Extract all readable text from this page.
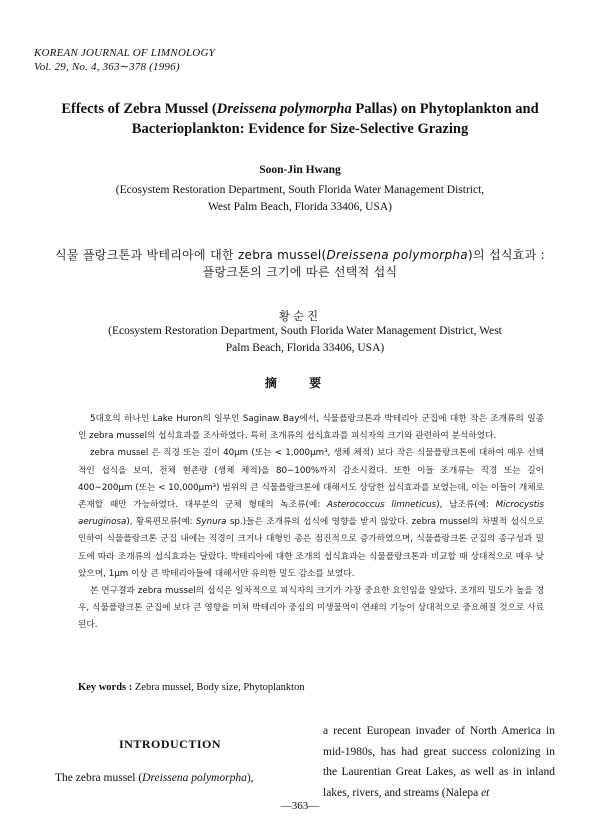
KOREAN JOURNAL OF LIMNOLOGY
Vol. 29, No. 4, 363∼378 (1996)
Effects of Zebra Mussel (Dreissena polymorpha Pallas) on Phytoplankton and Bacterioplankton: Evidence for Size-Selective Grazing
Soon-Jin Hwang
(Ecosystem Restoration Department, South Florida Water Management District,
West Palm Beach, Florida 33406, USA)
식물 플랑크톤과 박테리아에 대한 zebra mussel(Dreissena polymorpha)의 섭식효과 :
플랑크톤의 크기에 따른 선택적 섭식
황순진
(Ecosystem Restoration Department, South Florida Water Management District, West
Palm Beach, Florida 33406, USA)
摘 要

5대호의 하나인 Lake Huron의 일부인 Saginaw Bay에서, 식물플랑크톤과 박테리아 군집에 대한 작은 조개류의 일종인 zebra mussel의 섭식효과를 조사하였다. 특히 조개류의 섭식효과를 피식자의 크기와 관련하여 분석하였다.

zebra mussel 은 직경 또는 길이 40μm (또는 < 1,000μm³, 생체 체적) 보다 작은 식물플랑크톤에 대하여 매우 선택적인 섭식을 보여, 전체 현존량 (생체 체적)을 80∼100%까지 감소시켰다. 또한 이들 조개류는 직경 또는 길이 400∼200μm (또는 < 10,000μm³) 범위의 큰 식물플랑크톤에 대해서도 상당한 섭식효과를 보였는데, 이는 이들이 개체로 존재할 때만 가능하였다. 대부분의 군체 형태의 녹조류(예: Asterococcus limneticus), 남조류(예: Microcystis aeruginosa), 황록편모류(예: Synura sp.)들은 조개류의 섭식에 영향을 받지 않았다. zebra mussel의 차별적 섭식으로 인하여 식물플랑크톤 군집 내에는 직경이 크거나 대형인 종은 점진적으로 증가하였으며, 식물플랑크톤 군집의 종구성과 밀도에 따라 조개류의 섭식효과는 달랐다. 박테리아에 대한 조개의 섭식효과는 식물플랑크톤과 비교할 때 상대적으로 매우 낮았으며, 1μm 이상 큰 박테리아들에 대해서만 유의한 밀도 감소를 보였다.

본 연구결과 zebra mussel의 섭식은 일차적으로 피식자의 크기가 가장 중요한 요인임을 알았다. 조개의 밀도가 높을 경우, 식물플랑크톤 군집에 보다 큰 영향을 미쳐 박테리아 중심의 미생물먹이 연쇄의 기능이 상대적으로 중요해질 것으로 사료된다.

Key words : Zebra mussel, Body size, Phytoplankton
INTRODUCTION
The zebra mussel (Dreissena polymorpha),
a recent European invader of North America in mid-1980s, has had great success colonizing in the Laurentian Great Lakes, as well as in inland lakes, rivers, and streams (Nalepa et
—363—
